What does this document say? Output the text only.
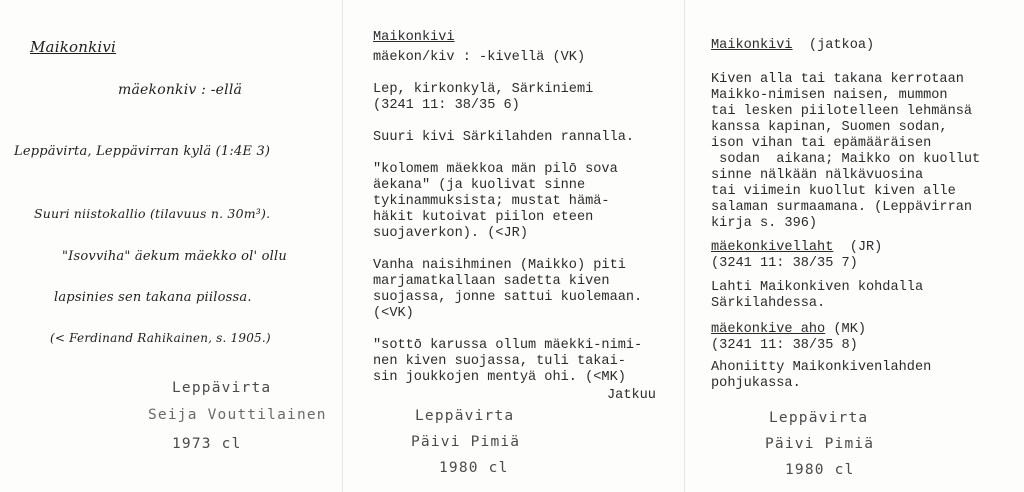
Maikonkivi
mäekonkiv : -ellä
Leppävirta, Leppävirran kylä (1:4E 3)
Suuri niistokallio (tilavuus n. 30m³).
"Isovviha" äekum mäekko ol' ollu
lapsinies sen takana piilossa.
(< Ferdinand Rahikainen, s. 1905.)
Leppävirta
Seija Vouttilainen
1973 cl
Maikonkivi
mäekon/kiv : -kivellä (VK)
Lep, kirkonkylä, Särkiniemi
(3241 11: 38/35 6)
Suuri kivi Särkilahden rannalla.
"kolomem mäekkoa män pilō sova
äekana" (ja kuolivat sinne
tykinammuksista; mustat hämä-
häkit kutoivat piilon eteen
suojaverkon). (<JR)
Vanha naisihminen (Maikko) piti
marjamatkallaan sadetta kiven
suojassa, jonne sattui kuolemaan.
(<VK)
"sottō karussa ollum mäekki-nimi-
nen kiven suojassa, tuli takai-
sin joukkojen mentyä ohi. (<MK)
Jatkuu
Leppävirta
Päivi Pimiä
1980 cl
Maikonkivi (jatkoa)
Kiven alla tai takana kerrotaan
Maikko-nimisen naisen, mummon
tai lesken piilotelleen lehmänsä
kanssa kapinan, Suomen sodan,
ison vihan tai epämääräisen
sodan  aikana; Maikko on kuollut
sinne nälkään nälkävuosina
tai viimein kuollut kiven alle
salaman surmaamana. (Leppävirran
kirja s. 396)
mäekonkivellaht (JR)
(3241 11: 38/35 7)
Lahti Maikonkiven kohdalla
Särkilahdessa.
mäekonkive aho (MK)
(3241 11: 38/35 8)
Ahoniitty Maikonkivenlahden
pohjukassa.
Leppävirta
Päivi Pimiä
1980 cl
